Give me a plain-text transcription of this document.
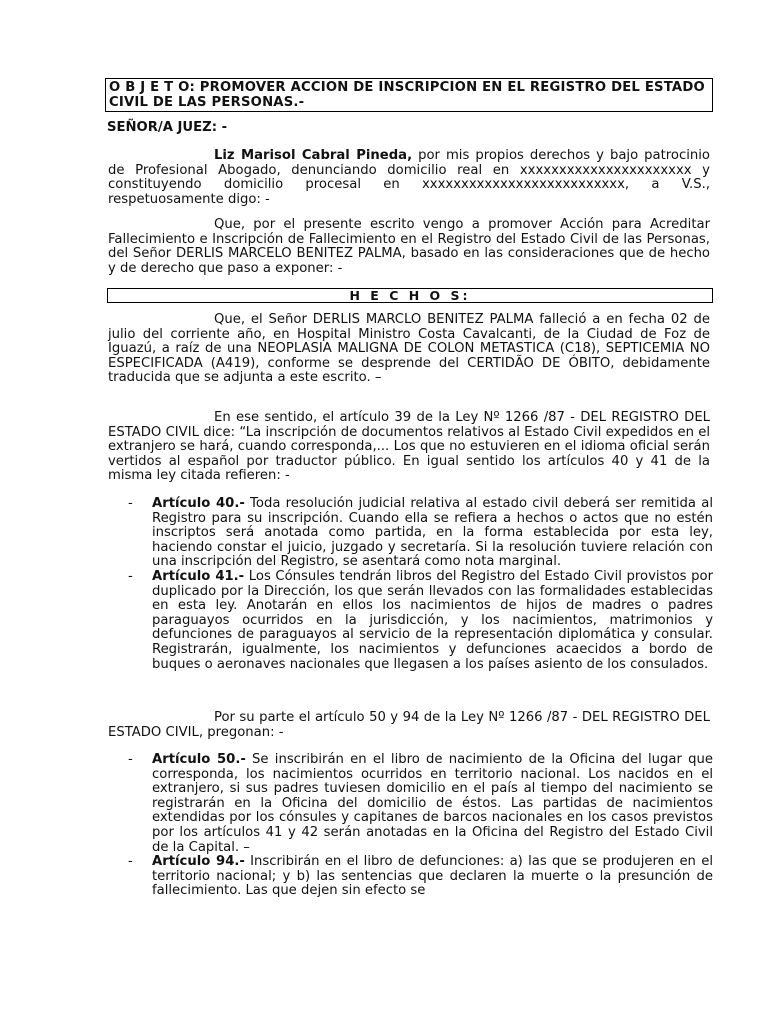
O B J E T O: PROMOVER ACCION DE INSCRIPCION EN EL REGISTRO DEL ESTADO CIVIL DE LAS PERSONAS.-
SEÑOR/A JUEZ: -
Liz Marisol Cabral Pineda, por mis propios derechos y bajo patrocinio de Profesional Abogado, denunciando domicilio real en xxxxxxxxxxxxxxxxxxxxxx y constituyendo domicilio procesal en xxxxxxxxxxxxxxxxxxxxxxxxxx, a V.S., respetuosamente digo: -
Que, por el presente escrito vengo a promover Acción para Acreditar Fallecimiento e Inscripción de Fallecimiento en el Registro del Estado Civil de las Personas, del Señor DERLIS MARCELO BENITEZ PALMA, basado en las consideraciones que de hecho y de derecho que paso a exponer: -
H E C H O S:
Que, el Señor DERLIS MARCLO BENITEZ PALMA falleció a en fecha 02 de julio del corriente año, en Hospital Ministro Costa Cavalcanti, de la Ciudad de Foz de Iguazú, a raíz de una NEOPLASIA MALIGNA DE COLON METASTICA (C18), SEPTICEMIA NO ESPECIFICADA (A419), conforme se desprende del CERTIDÃO DE ÓBITO, debidamente traducida que se adjunta a este escrito. –
En ese sentido, el artículo 39 de la Ley Nº 1266 /87 - DEL REGISTRO DEL ESTADO CIVIL dice: “La inscripción de documentos relativos al Estado Civil expedidos en el extranjero se hará, cuando corresponda,... Los que no estuvieren en el idioma oficial serán vertidos al español por traductor público. En igual sentido los artículos 40 y 41 de la misma ley citada refieren: -
- Artículo 40.- Toda resolución judicial relativa al estado civil deberá ser remitida al Registro para su inscripción. Cuando ella se refiera a hechos o actos que no estén inscriptos será anotada como partida, en la forma establecida por esta ley, haciendo constar el juicio, juzgado y secretaría. Si la resolución tuviere relación con una inscripción del Registro, se asentará como nota marginal.
- Artículo 41.- Los Cónsules tendrán libros del Registro del Estado Civil provistos por duplicado por la Dirección, los que serán llevados con las formalidades establecidas en esta ley. Anotarán en ellos los nacimientos de hijos de madres o padres paraguayos ocurridos en la jurisdicción, y los nacimientos, matrimonios y defunciones de paraguayos al servicio de la representación diplomática y consular. Registrarán, igualmente, los nacimientos y defunciones acaecidos a bordo de buques o aeronaves nacionales que llegasen a los países asiento de los consulados.
Por su parte el artículo 50 y 94 de la Ley Nº 1266 /87 - DEL REGISTRO DEL ESTADO CIVIL, pregonan: -
- Artículo 50.- Se inscribirán en el libro de nacimiento de la Oficina del lugar que corresponda, los nacimientos ocurridos en territorio nacional. Los nacidos en el extranjero, si sus padres tuviesen domicilio en el país al tiempo del nacimiento se registrarán en la Oficina del domicilio de éstos. Las partidas de nacimientos extendidas por los cónsules y capitanes de barcos nacionales en los casos previstos por los artículos 41 y 42 serán anotadas en la Oficina del Registro del Estado Civil de la Capital. –
- Artículo 94.- Inscribirán en el libro de defunciones: a) las que se produjeren en el territorio nacional; y b) las sentencias que declaren la muerte o la presunción de fallecimiento. Las que dejen sin efecto se
